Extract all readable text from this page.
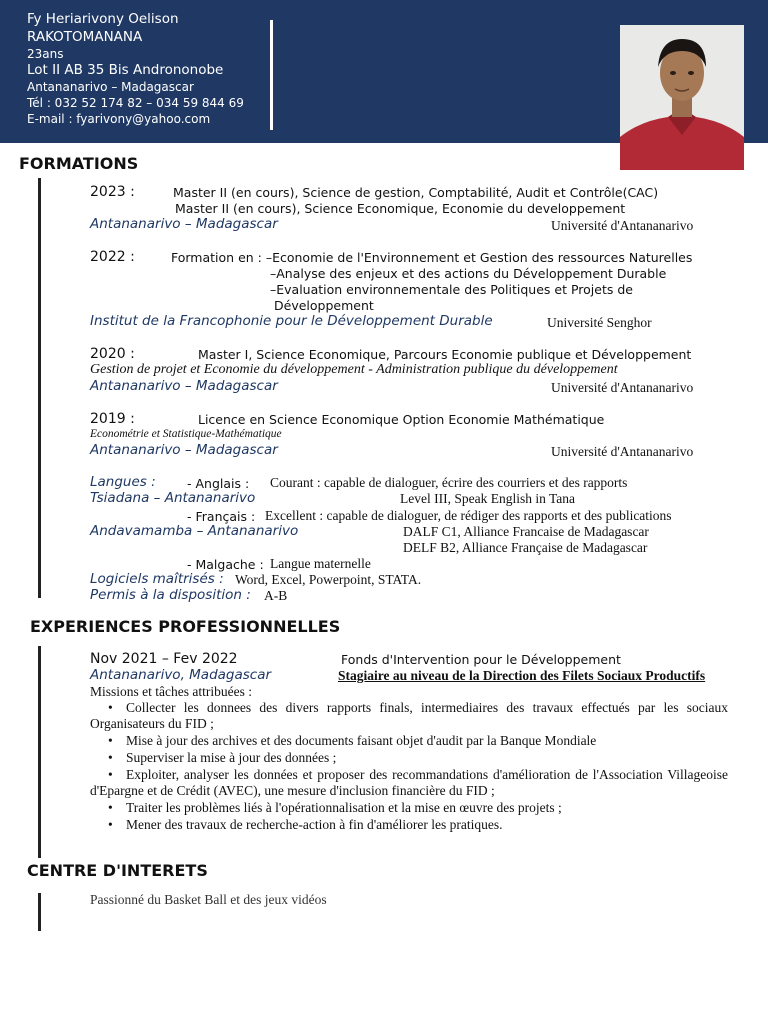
Fy Heriarivony Oelison
RAKOTOMANANA
23ans
Lot II AB 35 Bis Andrononobe
Antananarivo – Madagascar
Tél : 032 52 174 82 – 034 59 844 69
E-mail : fyarivony@yahoo.com
FORMATIONS
2023 :	Master II (en cours), Science de gestion, Comptabilité, Audit et Contrôle(CAC)
Master II (en cours), Science Economique, Economie du developpement
Antananarivo – Madagascar	Université d'Antananarivo
2022 :	Formation en : –Economie de l'Environnement et Gestion des ressources Naturelles
–Analyse des enjeux et des actions du Développement Durable
–Evaluation environnementale des Politiques et Projets de
Développement
Institut de la Francophonie pour le Développement Durable	Université Senghor
2020 :	Master I, Science Economique, Parcours Economie publique et Développement
Gestion de projet et Economie du développement - Administration publique du développement
Antananarivo – Madagascar	Université d'Antananarivo
2019 :	Licence en Science Economique Option Economie Mathématique
Econométrie et Statistique-Mathématique
Antananarivo – Madagascar	Université d'Antananarivo
Langues :	- Anglais : Courant : capable de dialoguer, écrire des courriers et des rapports
Tsiadana – Antananarivo	Level III, Speak English in Tana
- Français : Excellent : capable de dialoguer, de rédiger des rapports et des publications
Andavamamba – Antananarivo	DALF C1, Alliance Francaise de Madagascar
DELF B2, Alliance Française de Madagascar
- Malgache : Langue maternelle
Logiciels maîtrisés : Word, Excel, Powerpoint, STATA.
Permis à la disposition : A-B
EXPERIENCES PROFESSIONNELLES
Nov 2021 – Fev 2022	Fonds d'Intervention pour le Développement
Antananarivo, Madagascar	Stagiaire au niveau de la Direction des Filets Sociaux Productifs
Missions et tâches attribuées :
• Collecter les donnees des divers rapports finals, intermediaires des travaux effectués par les sociaux Organisateurs du FID ;
• Mise à jour des archives et des documents faisant objet d'audit par la Banque Mondiale
• Superviser la mise à jour des données ;
• Exploiter, analyser les données et proposer des recommandations d'amélioration de l'Association Villageoise d'Epargne et de Crédit (AVEC), une mesure d'inclusion financière du FID ;
• Traiter les problèmes liés à l'opérationnalisation et la mise en œuvre des projets ;
• Mener des travaux de recherche-action à fin d'améliorer les pratiques.
CENTRE D'INTERETS
Passionné du Basket Ball et des jeux vidéos
